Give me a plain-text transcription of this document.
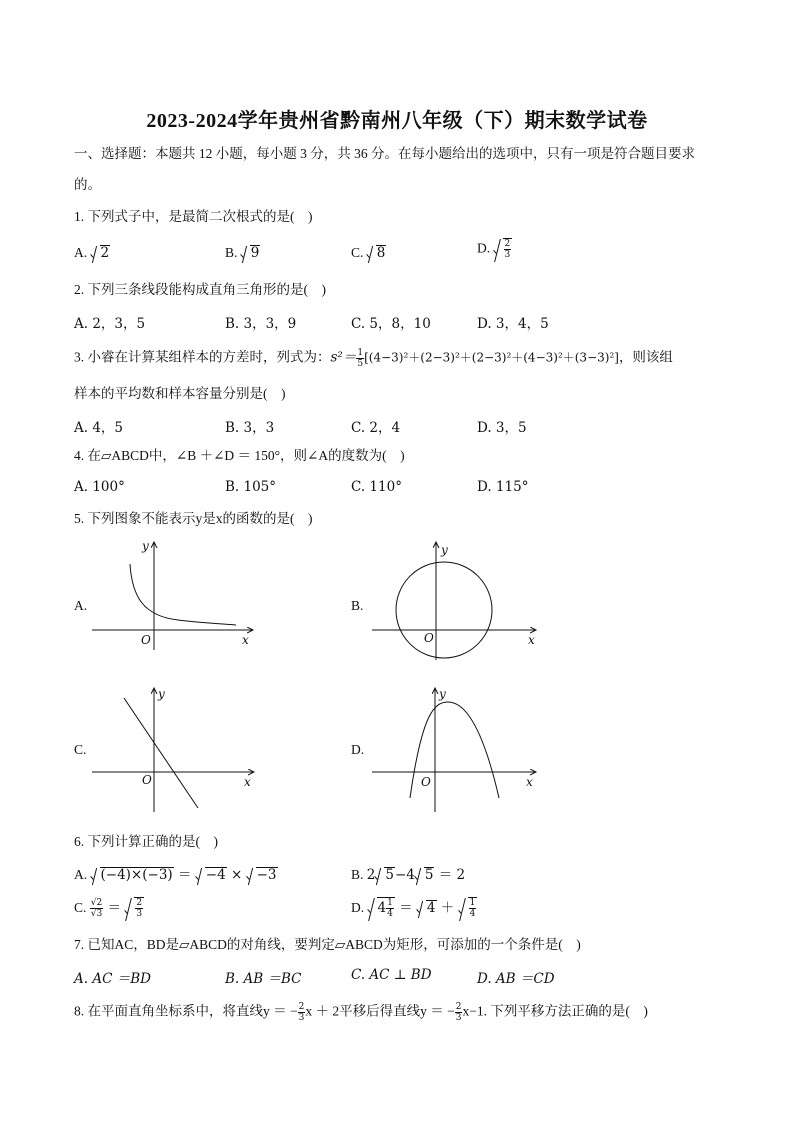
2023-2024学年贵州省黔南州八年级（下）期末数学试卷
一、选择题：本题共 12 小题，每小题 3 分，共 36 分。在每小题给出的选项中，只有一项是符合题目要求
的。
1. 下列式子中，是最简二次根式的是(　)
A.
2	B.
9	C.
8	D. $\frac{2}{3}$
2. 下列三条线段能构成直角三角形的是(　)
A. 2，3，5	B. 3，3，9	C. 5，8，10	D. 3，4，5
3. 小睿在计算某组样本的方差时，列式为：$s^2= \frac{1}{5} [(4-3)^2+(2-3)^2+(2-3)^2+(4-3)^2+(3-3)^2]$，则该组
样本的平均数和样本容量分别是(　)
A. 4，5	B. 3，3	C. 2，4	D. 3，5
4. 在▱ABCD中，∠B ＋∠D ＝ 150°，则∠A的度数为(　)
A. 100°	B. 105°	C. 110°	D. 115°
5. 下列图象不能表示y是x的函数的是(　)
A.
y
O	x
B.
y
O	x
C.
y
O	x
D.
y
O	x
6. 下列计算正确的是(　)
A.
(−4)×(−3) ＝
−4 ×
−3	B. 2 5−4 5 ＝ 2
C. $\frac{√2}{√3} = \frac{2}{3}$	D.
$4 \frac{1}{4}$ ＝
$4 + \frac{1}{4}$
7. 已知AC，BD是▱ABCD的对角线，要判定▱ABCD为矩形，可添加的一个条件是(　)
A. AC ＝BD	B. AB ＝BC	C. AC ⊥ BD	D. AB ＝CD
8. 在平面直角坐标系中，将直线y ＝ − $\frac{2}{3}$ x ＋ 2平移后得直线y ＝ − $\frac{2}{3} x-1$. 下列平移方法正确的是(　)
